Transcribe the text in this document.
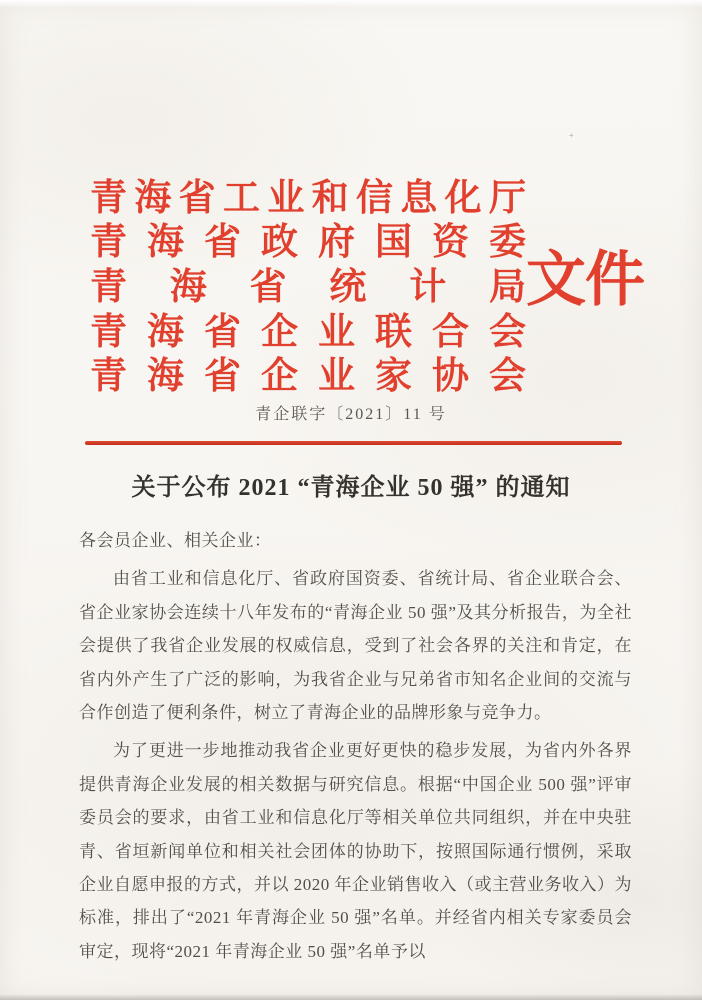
青 海 省 工 业 和 信 息 化 厅
青 海 省 政 府 国 资 委
青 海 省 统 计 局
青 海 省 企 业 联 合 会
青 海 省 企 业 家 协 会
文件
青企联字〔2021〕11 号
关于公布 2021 “青海企业 50 强” 的通知

各会员企业、相关企业：

由省工业和信息化厅、省政府国资委、省统计局、省企业联合会、省企业家协会连续十八年发布的“青海企业 50 强”及其分析报告，为全社会提供了我省企业发展的权威信息，受到了社会各界的关注和肯定，在省内外产生了广泛的影响，为我省企业与兄弟省市知名企业间的交流与合作创造了便利条件，树立了青海企业的品牌形象与竞争力。

为了更进一步地推动我省企业更好更快的稳步发展，为省内外各界提供青海企业发展的相关数据与研究信息。根据“中国企业 500 强”评审委员会的要求，由省工业和信息化厅等相关单位共同组织，并在中央驻青、省垣新闻单位和相关社会团体的协助下，按照国际通行惯例，采取企业自愿申报的方式，并以 2020 年企业销售收入（或主营业务收入）为标准，排出了“2021 年青海企业 50 强”名单。并经省内相关专家委员会审定，现将“2021 年青海企业 50 强”名单予以

+
